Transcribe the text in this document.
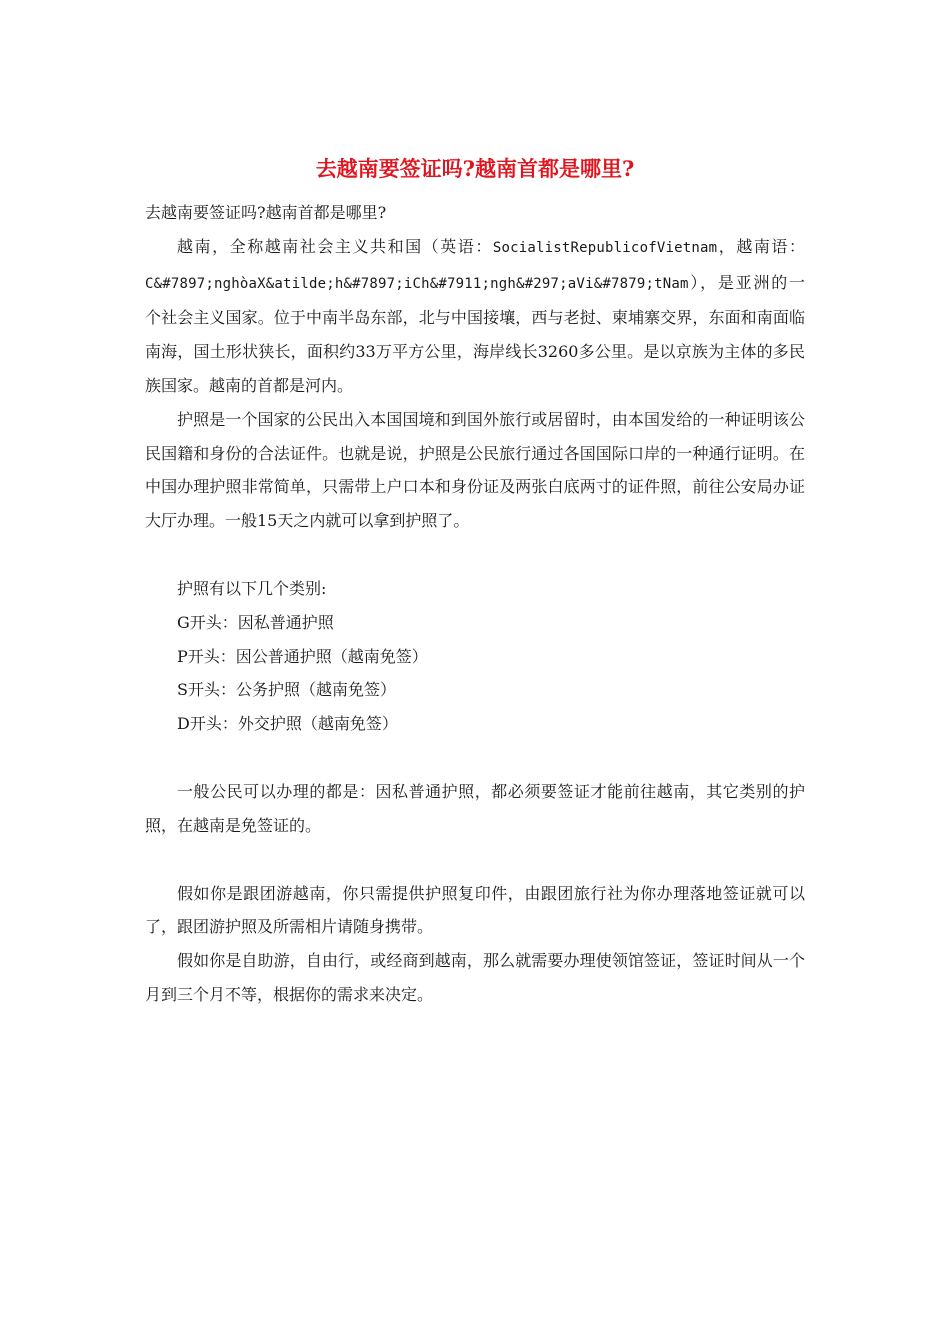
去越南要签证吗?越南首都是哪里?

去越南要签证吗?越南首都是哪里?

越南，全称越南社会主义共和国（英语：SocialistRepublicofVietnam，越南语：C&#7897;nghòaX&atilde;h&#7897;iCh&#7911;ngh&#297;aVi&#7879;tNam），是亚洲的一个社会主义国家。位于中南半岛东部，北与中国接壤，西与老挝、柬埔寨交界，东面和南面临南海，国土形状狭长，面积约33万平方公里，海岸线长3260多公里。是以京族为主体的多民族国家。越南的首都是河内。

护照是一个国家的公民出入本国国境和到国外旅行或居留时，由本国发给的一种证明该公民国籍和身份的合法证件。也就是说，护照是公民旅行通过各国国际口岸的一种通行证明。在中国办理护照非常简单，只需带上户口本和身份证及两张白底两寸的证件照，前往公安局办证大厅办理。一般15天之内就可以拿到护照了。

护照有以下几个类别:

G开头：因私普通护照

P开头：因公普通护照（越南免签）

S开头：公务护照（越南免签）

D开头：外交护照（越南免签）

一般公民可以办理的都是：因私普通护照，都必须要签证才能前往越南，其它类别的护照，在越南是免签证的。

假如你是跟团游越南，你只需提供护照复印件，由跟团旅行社为你办理落地签证就可以了，跟团游护照及所需相片请随身携带。

假如你是自助游，自由行，或经商到越南，那么就需要办理使领馆签证，签证时间从一个月到三个月不等，根据你的需求来决定。
